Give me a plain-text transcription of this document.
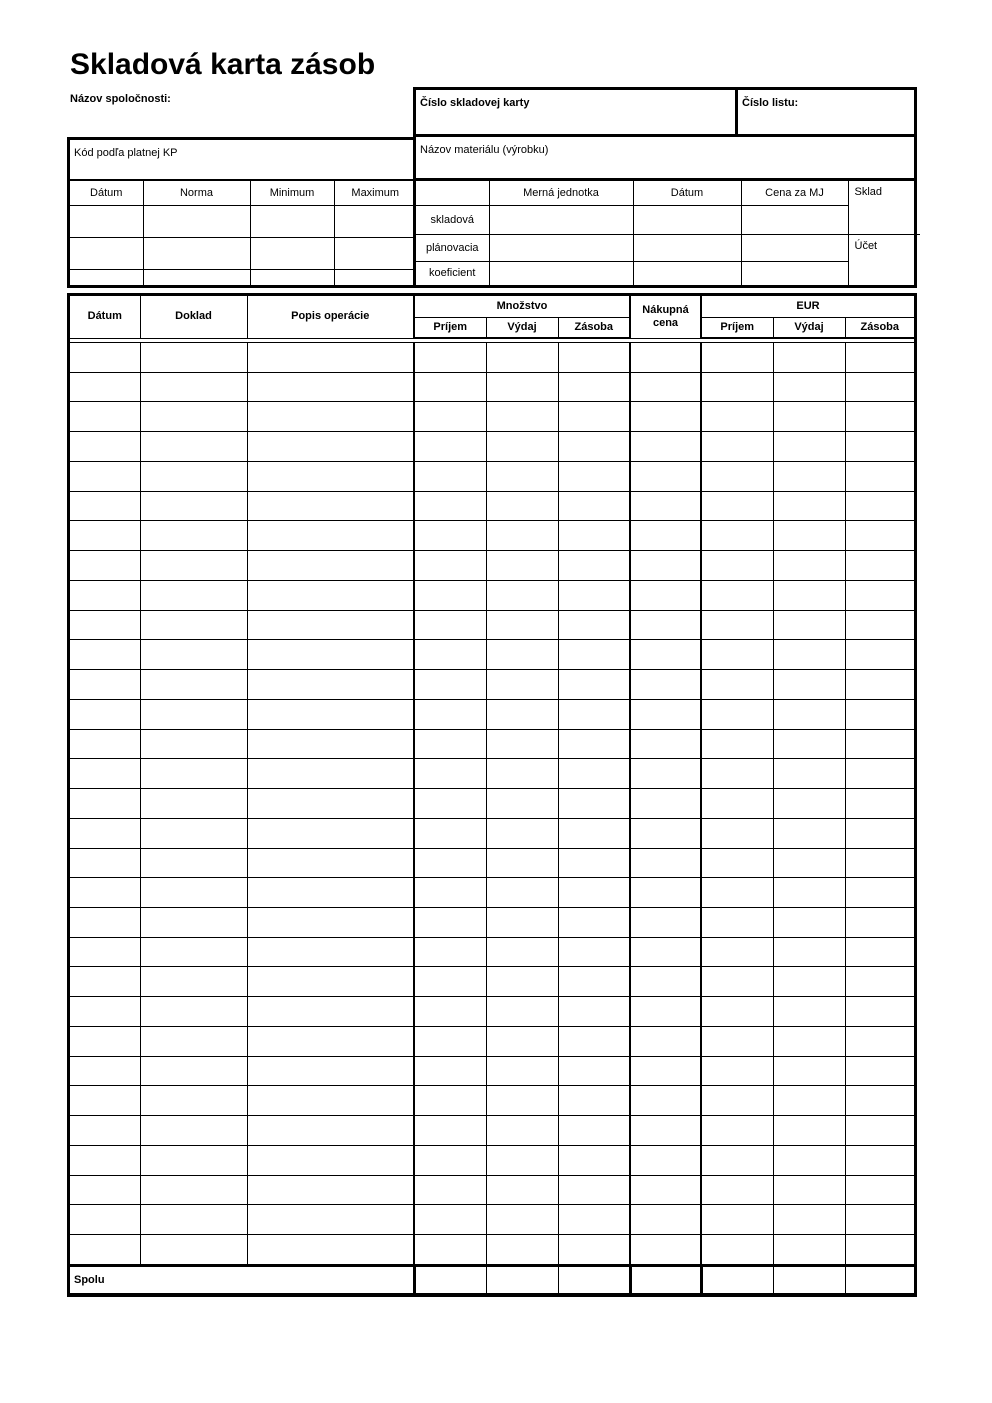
Skladová karta zásob
Názov spoločnosti:	Číslo skladovej karty	Číslo listu:
Názov materiálu (výrobku)
Kód podľa platnej KP
Dátum	Norma	Minimum	Maximum

		Merná jednotka	Dátum	Cena za MJ	Sklad
skladová				
plánovacia				Účet
koeficient				
Dátum	Doklad	Popis operácie	Množstvo			Nákupná cena	EUR		
			Príjem	Výdaj	Zásoba		Príjem	Výdaj	Zásoba

Spolu									
